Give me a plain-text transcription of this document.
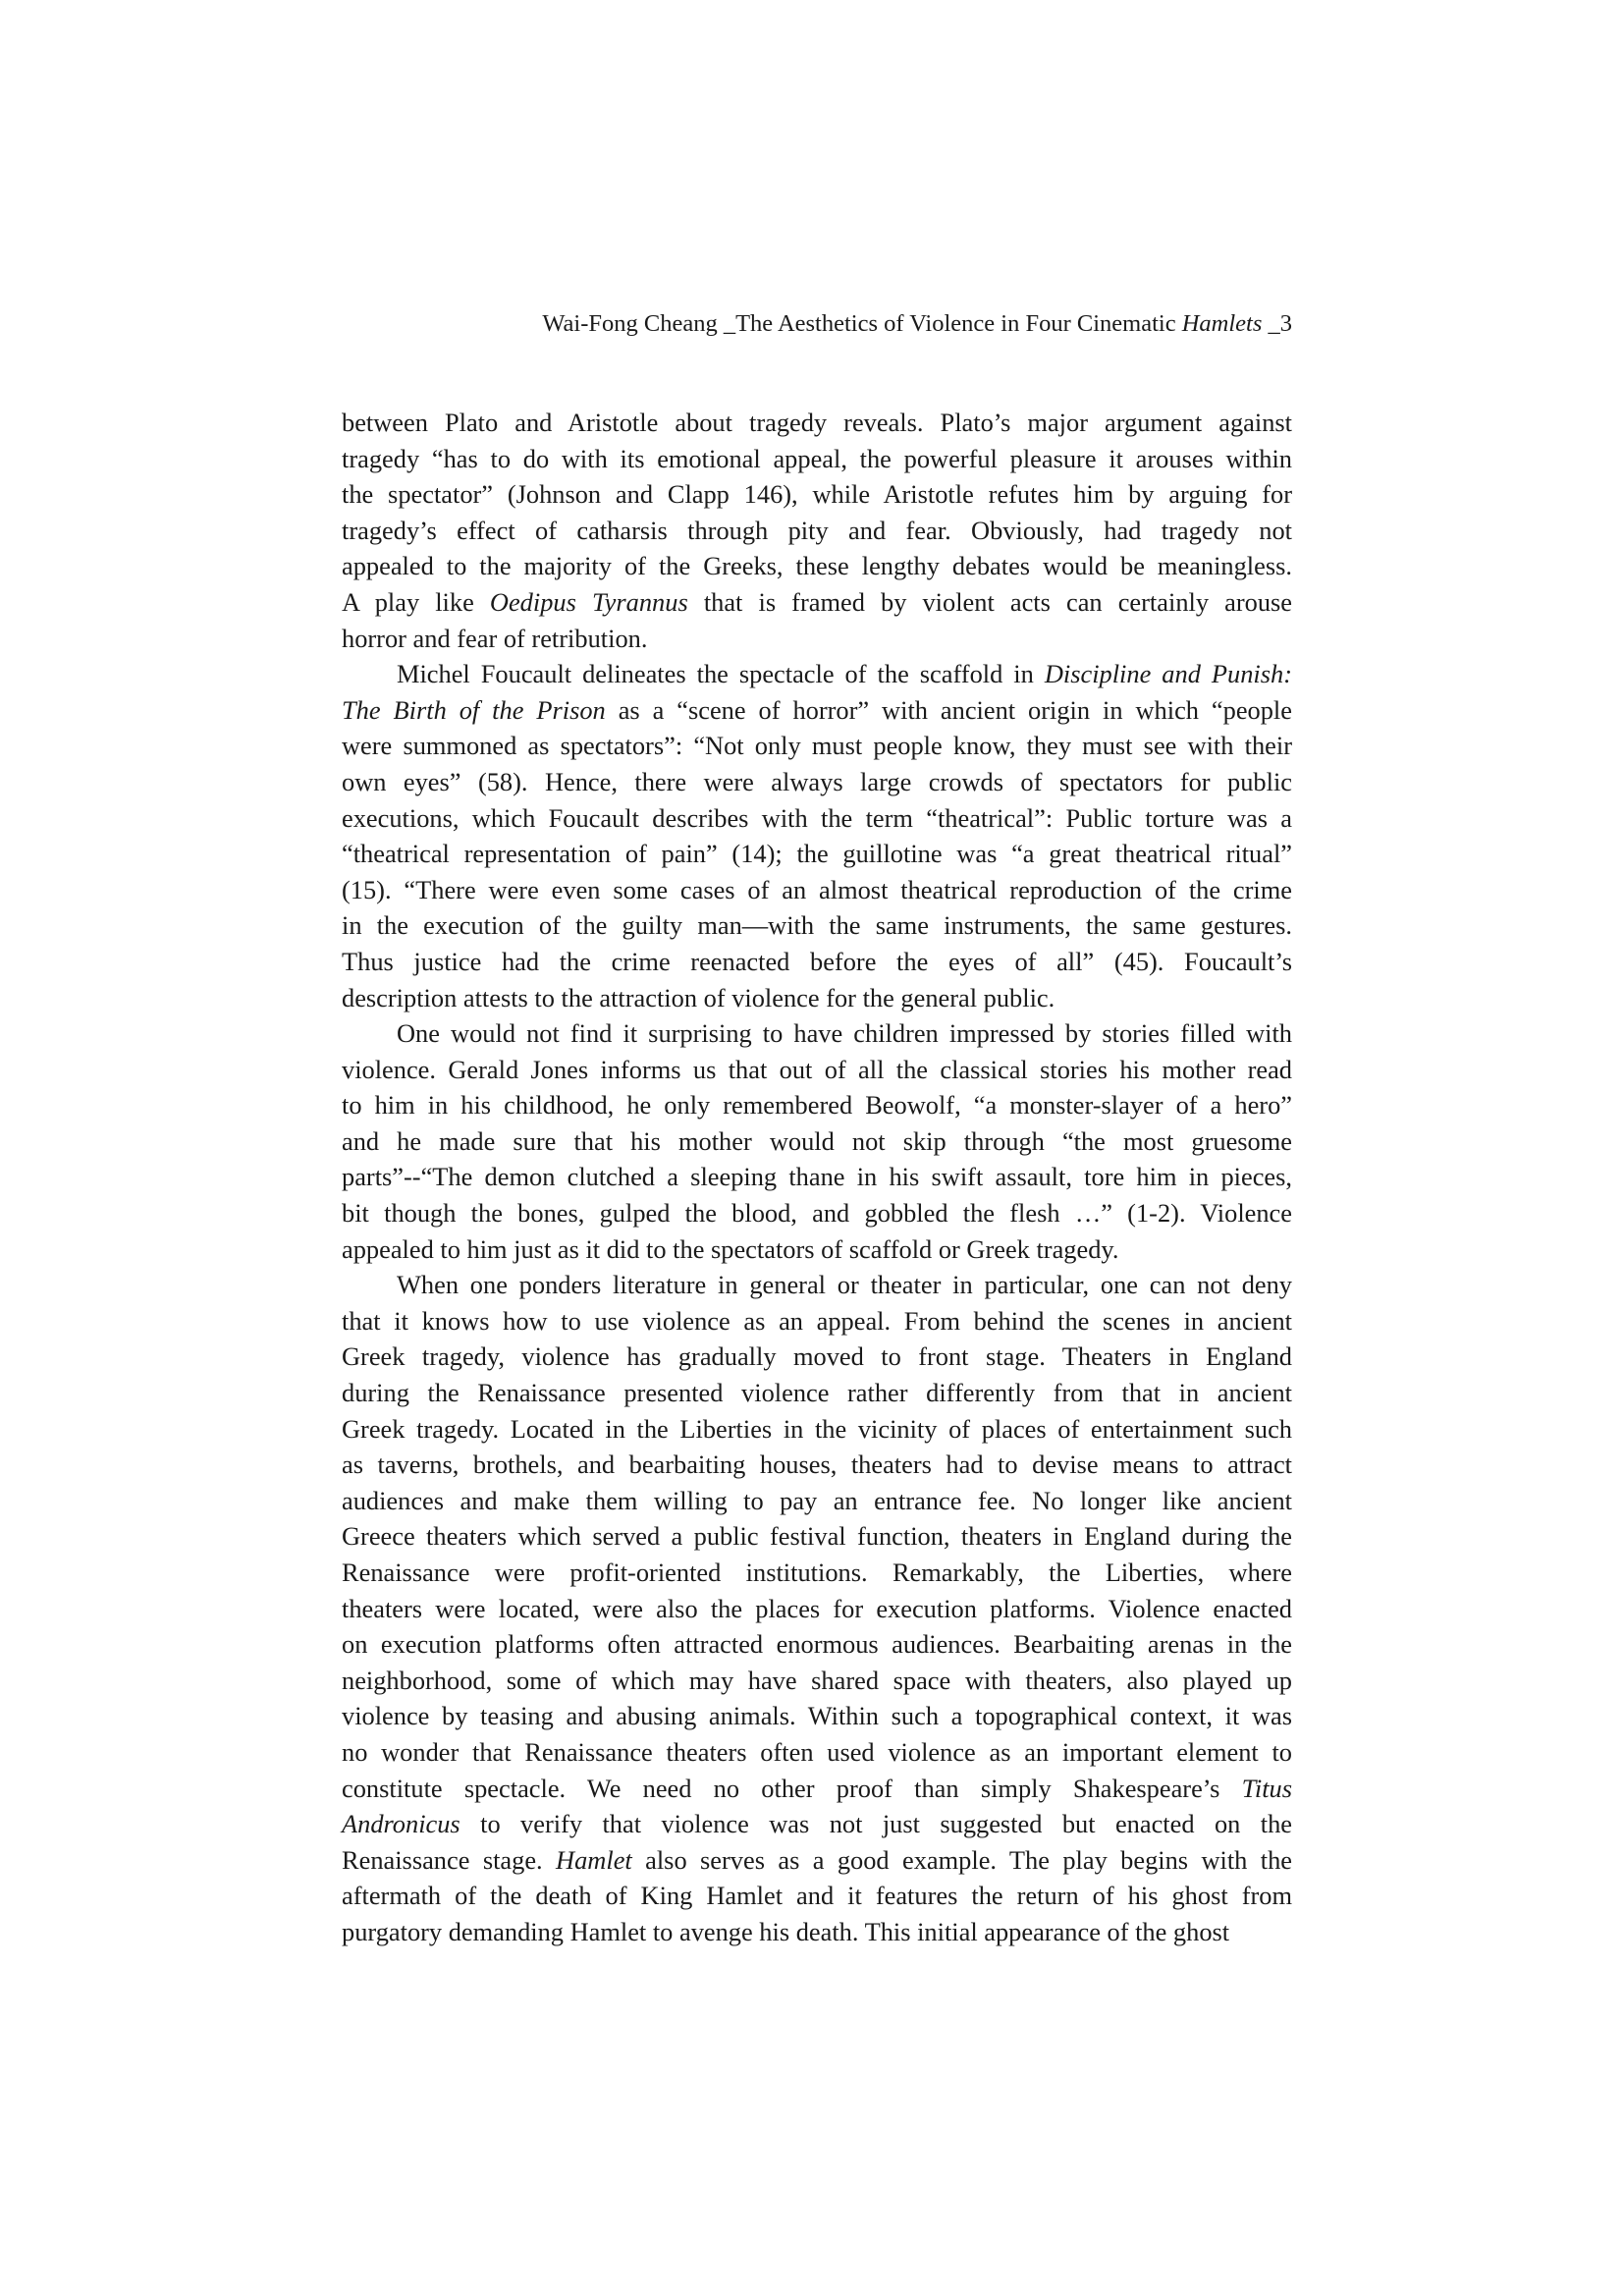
Wai-Fong Cheang _The Aesthetics of Violence in Four Cinematic Hamlets _3
between Plato and Aristotle about tragedy reveals. Plato’s major argument against
tragedy “has to do with its emotional appeal, the powerful pleasure it arouses within
the spectator” (Johnson and Clapp 146), while Aristotle refutes him by arguing for
tragedy’s effect of catharsis through pity and fear. Obviously, had tragedy not
appealed to the majority of the Greeks, these lengthy debates would be meaningless.
A play like Oedipus Tyrannus that is framed by violent acts can certainly arouse
horror and fear of retribution.
Michel Foucault delineates the spectacle of the scaffold in Discipline and Punish:
The Birth of the Prison as a “scene of horror” with ancient origin in which “people
were summoned as spectators”: “Not only must people know, they must see with their
own eyes” (58). Hence, there were always large crowds of spectators for public
executions, which Foucault describes with the term “theatrical”: Public torture was a
“theatrical representation of pain” (14); the guillotine was “a great theatrical ritual”
(15). “There were even some cases of an almost theatrical reproduction of the crime
in the execution of the guilty man—with the same instruments, the same gestures.
Thus justice had the crime reenacted before the eyes of all” (45). Foucault’s
description attests to the attraction of violence for the general public.
One would not find it surprising to have children impressed by stories filled with
violence. Gerald Jones informs us that out of all the classical stories his mother read
to him in his childhood, he only remembered Beowolf, “a monster-slayer of a hero”
and he made sure that his mother would not skip through “the most gruesome
parts”--“The demon clutched a sleeping thane in his swift assault, tore him in pieces,
bit though the bones, gulped the blood, and gobbled the flesh …” (1-2). Violence
appealed to him just as it did to the spectators of scaffold or Greek tragedy.
When one ponders literature in general or theater in particular, one can not deny
that it knows how to use violence as an appeal. From behind the scenes in ancient
Greek tragedy, violence has gradually moved to front stage. Theaters in England
during the Renaissance presented violence rather differently from that in ancient
Greek tragedy. Located in the Liberties in the vicinity of places of entertainment such
as taverns, brothels, and bearbaiting houses, theaters had to devise means to attract
audiences and make them willing to pay an entrance fee. No longer like ancient
Greece theaters which served a public festival function, theaters in England during the
Renaissance were profit-oriented institutions. Remarkably, the Liberties, where
theaters were located, were also the places for execution platforms. Violence enacted
on execution platforms often attracted enormous audiences. Bearbaiting arenas in the
neighborhood, some of which may have shared space with theaters, also played up
violence by teasing and abusing animals. Within such a topographical context, it was
no wonder that Renaissance theaters often used violence as an important element to
constitute spectacle. We need no other proof than simply Shakespeare’s Titus
Andronicus to verify that violence was not just suggested but enacted on the
Renaissance stage. Hamlet also serves as a good example. The play begins with the
aftermath of the death of King Hamlet and it features the return of his ghost from
purgatory demanding Hamlet to avenge his death. This initial appearance of the ghost
